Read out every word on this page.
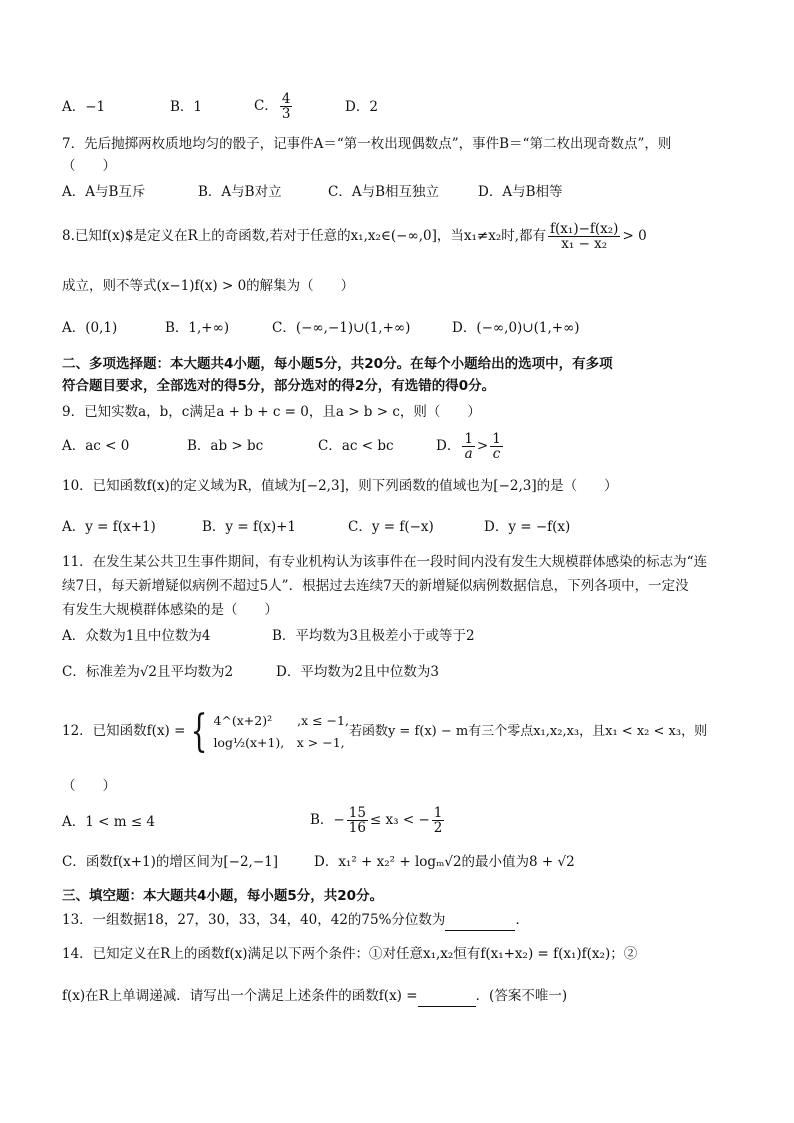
A．−1	B．1	C． $\frac{4}{3}$	D．2
7．先后抛掷两枚质地均匀的骰子，记事件A＝“第一枚出现偶数点”，事件B＝“第二枚出现奇数点”，则
（　　）
A．A与B互斥	B．A与B对立	C．A与B相互独立	D．A与B相等
8.已知f(x)$是定义在R上的奇函数,若对于任意的x₁,x₂∈(−∞,0]，当x₁≠x₂时,都有 $\frac{\text{f(x₁)−f(x₂)}}{\text{x₁ − x₂}} > 0$
成立，则不等式(x−1)f(x) > 0的解集为（　　）
A．(0,1)	B．1,+∞)	C．(−∞,−1)∪(1,+∞)	D．(−∞,0)∪(1,+∞)
二、多项选择题：本大题共4小题，每小题5分，共20分。在每个小题给出的选项中，有多项
符合题目要求，全部选对的得5分，部分选对的得2分，有选错的得0分。
9．已知实数a，b，c满足a + b + c = 0，且a > b > c，则（　　）
A．ac < 0	B．ab > bc	C．ac < bc	D． $\frac{1}{a} > \frac{1}{c}$
10．已知函数f(x)的定义域为R，值域为[−2,3]，则下列函数的值域也为[−2,3]的是（　　）
A．y = f(x+1)	B．y = f(x)+1	C．y = f(−x)	D．y = −f(x)
11．在发生某公共卫生事件期间，有专业机构认为该事件在一段时间内没有发生大规模群体感染的标志为“连
续7日，每天新增疑似病例不超过5人”．根据过去连续7天的新增疑似病例数据信息，下列各项中，一定没
有发生大规模群体感染的是（　　）
A．众数为1且中位数为4	B．平均数为3且极差小于或等于2
C．标准差为√2且平均数为2	D．平均数为2且中位数为3
12．已知函数f(x) = { 4^(x+2)²　　,x ≤ −1,
log½(x+1),　x > −1,
若函数y = f(x) − m有三个零点x₁,x₂,x₃，且x₁ < x₂ < x₃，则
（　　）
A．1 < m ≤ 4	B．− $\frac{15}{16} \le x_3$ < − $\frac{1}{2}$
C．函数f(x+1)的增区间为[−2,−1]	D．x₁² + x₂² + logₘ√2的最小值为8 + √2
三、填空题：本大题共4小题，每小题5分，共20分。
13．一组数据18，27，30，33，34，40，42的75%分位数为	．
14．已知定义在R上的函数f(x)满足以下两个条件：①对任意x₁,x₂恒有f(x₁+x₂) = f(x₁)f(x₂)；②
f(x)在R上单调递减．请写出一个满足上述条件的函数f(x) =	．(答案不唯一)
